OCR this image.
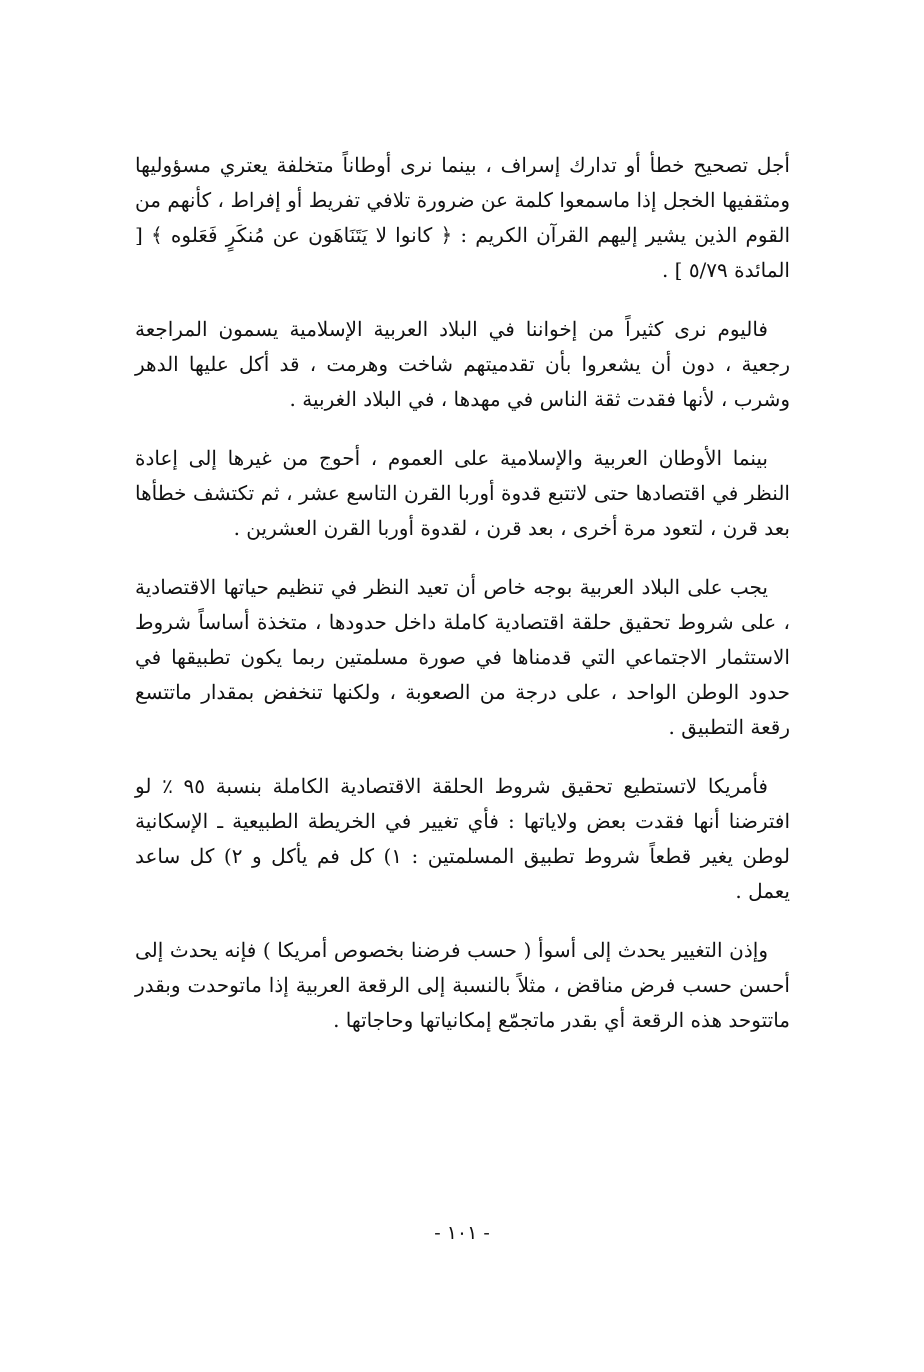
أجل تصحيح خطأ أو تدارك إسراف ، بينما نرى أوطاناً متخلفة يعتري مسؤوليها ومثقفيها الخجل إذا ماسمعوا كلمة عن ضرورة تلافي تفريط أو إفراط ، كأنهم من القوم الذين يشير إليهم القرآن الكريم : ﴿ كانوا لا يَتَنَاهَون عن مُنكَرٍ فَعَلوه ﴾ [ المائدة ٥/٧٩ ] .

فاليوم نرى كثيراً من إخواننا في البلاد العربية الإسلامية يسمون المراجعة رجعية ، دون أن يشعروا بأن تقدميتهم شاخت وهرمت ، قد أكل عليها الدهر وشرب ، لأنها فقدت ثقة الناس في مهدها ، في البلاد الغربية .

بينما الأوطان العربية والإسلامية على العموم ، أحوج من غيرها إلى إعادة النظر في اقتصادها حتى لاتتبع قدوة أوربا القرن التاسع عشر ، ثم تكتشف خطأها بعد قرن ، لتعود مرة أخرى ، بعد قرن ، لقدوة أوربا القرن العشرين .

يجب على البلاد العربية بوجه خاص أن تعيد النظر في تنظيم حياتها الاقتصادية ، على شروط تحقيق حلقة اقتصادية كاملة داخل حدودها ، متخذة أساساً شروط الاستثمار الاجتماعي التي قدمناها في صورة مسلمتين ربما يكون تطبيقها في حدود الوطن الواحد ، على درجة من الصعوبة ، ولكنها تنخفض بمقدار ماتتسع رقعة التطبيق .

فأمريكا لاتستطيع تحقيق شروط الحلقة الاقتصادية الكاملة بنسبة ٩٥ ٪ لو افترضنا أنها فقدت بعض ولاياتها : فأي تغيير في الخريطة الطبيعية ـ الإسكانية لوطن يغير قطعاً شروط تطبيق المسلمتين : ١) كل فم يأكل و ٢) كل ساعد يعمل .

وإذن التغيير يحدث إلى أسوأ ( حسب فرضنا بخصوص أمريكا ) فإنه يحدث إلى أحسن حسب فرض مناقض ، مثلاً بالنسبة إلى الرقعة العربية إذا ماتوحدت وبقدر ماتتوحد هذه الرقعة أي بقدر ماتجمّع إمكانياتها وحاجاتها .

- ١٠١ -
